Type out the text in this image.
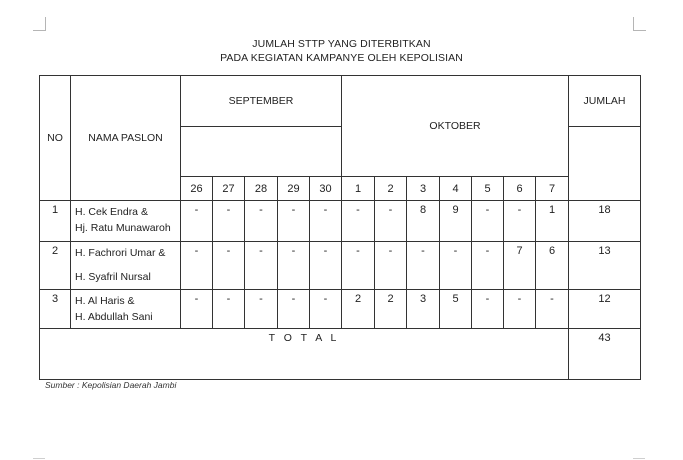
JUMLAH STTP YANG DITERBITKAN
PADA KEGIATAN KAMPANYE OLEH KEPOLISIAN
NO	NAMA PASLON	SEPTEMBER					OKTOBER							JUMLAH

		26	27	28	29	30	1	2	3	4	5	6	7	
1	H. Cek Endra &
Hj. Ratu Munawaroh	-	-	-	-	-	-	-	8	9	-	-	1	18
2	H. Fachrori Umar &
H. Syafril Nursal	-	-	-	-	-	-	-	-	-	-	7	6	13
3	H. Al Haris &
H. Abdullah Sani	-	-	-	-	-	2	2	3	5	-	-	-	12
T O T A L														43
Sumber : Kepolisian Daerah Jambi
